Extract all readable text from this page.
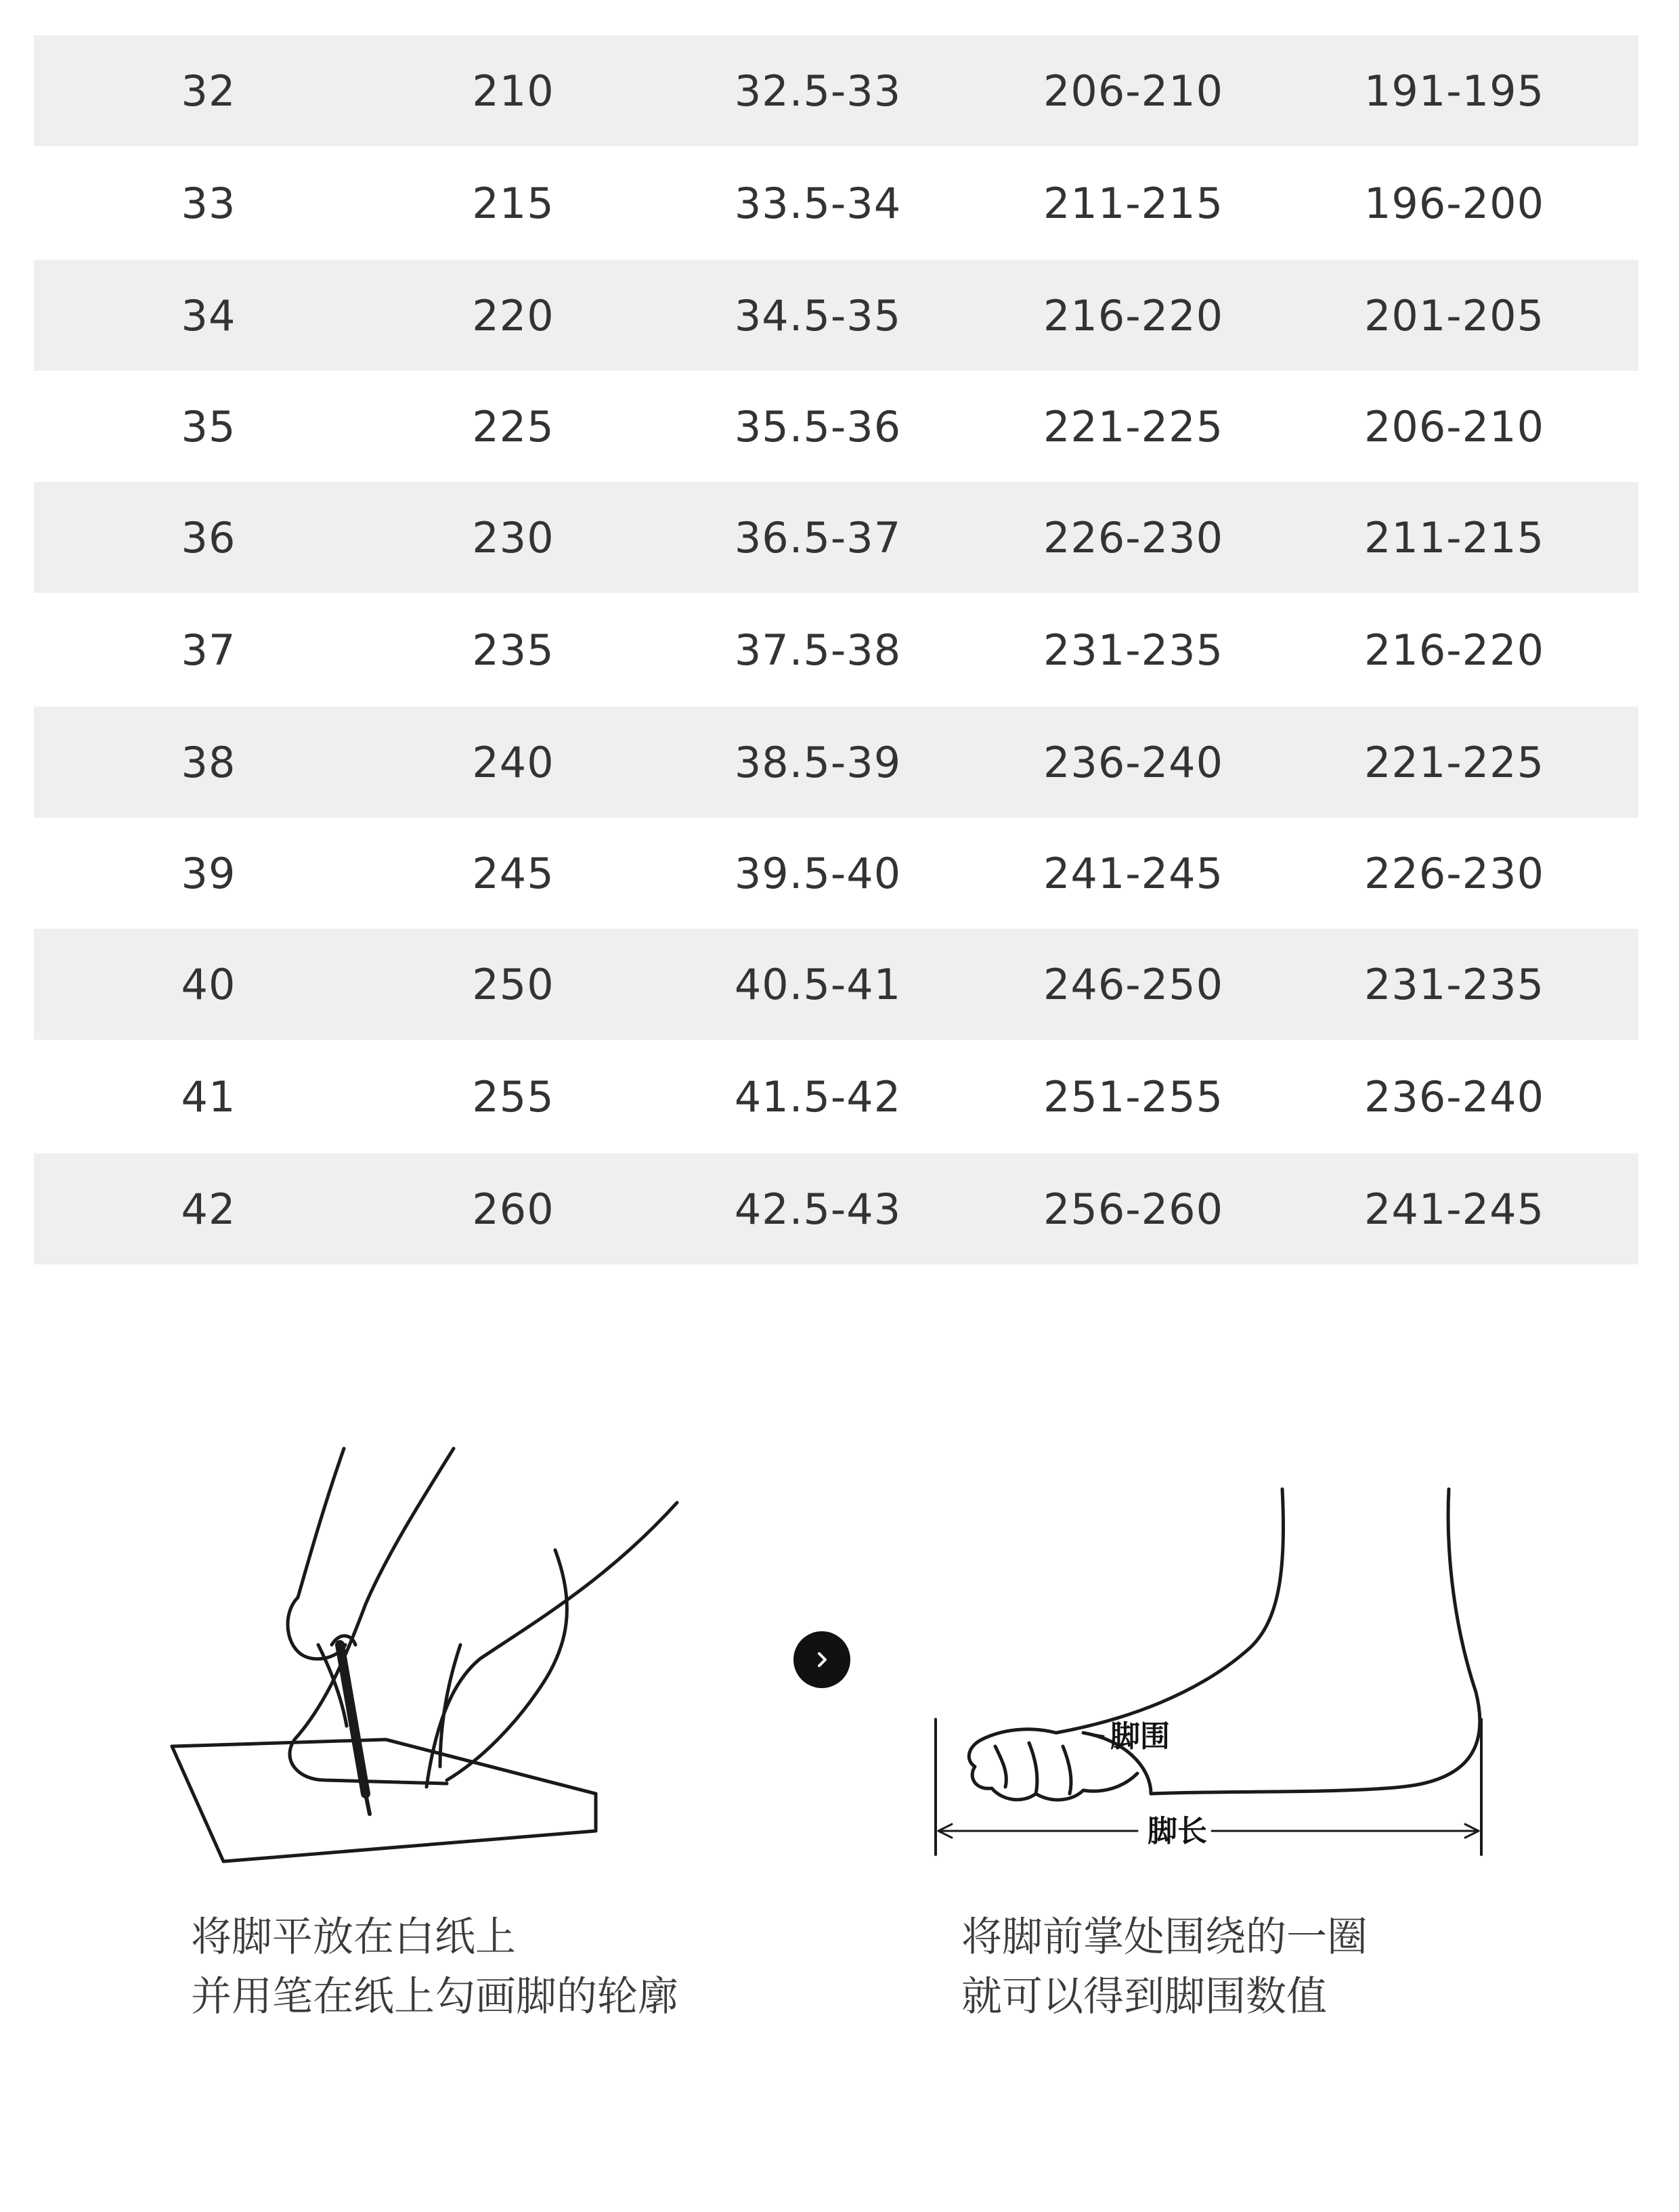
32	210	32.5-33	206-210	191-195
33	215	33.5-34	211-215	196-200
34	220	34.5-35	216-220	201-205
35	225	35.5-36	221-225	206-210
36	230	36.5-37	226-230	211-215
37	235	37.5-38	231-235	216-220
38	240	38.5-39	236-240	221-225
39	245	39.5-40	241-245	226-230
40	250	40.5-41	246-250	231-235
41	255	41.5-42	251-255	236-240
42	260	42.5-43	256-260	241-245
将脚平放在白纸上
并用笔在纸上勾画脚的轮廓
脚围
脚长
将脚前掌处围绕的一圈
就可以得到脚围数值
